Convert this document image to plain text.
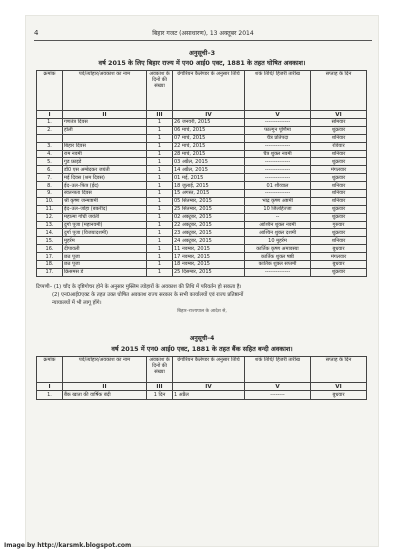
4	बिहार गजट (असाधारण), 13 अक्तूबर 2014
अनुसूची–3
वर्ष 2015 के लिए बिहार राज्य में एन0 आई0 एक्ट, 1881 के तहत घोषित अवकाश।
क्रमांक	पर्व/त्योहार/अवकाश का नाम	अवकाश के दिनों की संख्या	ग्रेगोरियन कैलेण्डर के अनुसार तिथि	शकं तिथि/ हिजरी तारीख	सप्ताह के दिन
I	II	III	IV	V	VI
1.	गणतंत्र दिवस	1	26 जनवरी, 2015	--------------	सोमवार
2.	होली	1	06 मार्च, 2015	फाल्गुन पूर्णिमा	शुक्रवार
		1	07 मार्च, 2015	चैत्र प्रतिपदा	शनिवार
3.	बिहार दिवस	1	22 मार्च, 2015	--------------	रविवार
4.	राम नवमी	1	28 मार्च, 2015	चैत्र शुक्ल नवमी	शनिवार
5.	गुड फ्राइडे	1	03 अप्रैल, 2015	--------------	शुक्रवार
6.	डॉ0 एस अम्बेदकर जयंती	1	14 अप्रैल, 2015	--------------	मंगलवार
7.	मई दिवस (श्रम दिवस)	1	01 मई, 2015	--------------	शुक्रवार
8.	ईद–उल–फित्र (ईद)	1	18 जुलाई, 2015	01 शौव्वाल	शनिवार
9.	स्वतन्त्रता दिवस	1	15 अगस्त, 2015	--------------	शनिवार
10.	श्री कृष्ण जन्माष्टमी	1	05 सितम्बर, 2015	भाद्र कृष्ण अष्टमी	शनिवार
11.	ईद–उल–जोहा (बकरीद)	1	25 सितम्बर, 2015	10 जिलहिज्जा	शुक्रवार
12.	महात्मा गाँधी जयंती	1	02 अक्टूबर, 2015	--	शुक्रवार
13.	दुर्गा पूजा (महानवमी)	1	22 अक्टूबर, 2015	आश्विन शुक्ल नवमी	गुरुवार
14.	दुर्गा पूजा (विजयादशमी)	1	23 अक्टूबर, 2015	आश्विन शुक्ल दशमी	शुक्रवार
15.	मुहर्रम	1	24 अक्टूबर, 2015	10 मुहर्रम	शनिवार
16.	दीपावली	1	11 नवम्बर, 2015	कार्तिक कृष्ण अमावस्या	बुधवार
17.	छठ पूजा	1	17 नवम्बर, 2015	कार्तिक शुक्ल षष्ठी	मंगलवार
18.	छठ पूजा	1	18 नवम्बर, 2015	कार्तिक शुक्ल सप्तमी	बुधवार
17.	क्रिसमस डे	1	25 दिसम्बर, 2015	--------------	शुक्रवार
टिप्पणी– (1) चाँद के दृष्टिगोचर होने के अनुसार मुस्लिम त्योहारों के अवकाश की तिथि में परिवर्तन हो सकता है।
(2) एन0आई0एक्ट के तहत उक्त घोषित अवकाश राज्य सरकार के सभी कार्यालयों एवं राज्य प्रतिष्ठानों
न्यायालयों में भी लागू होंगे।
बिहार–राज्यपाल के आदेश से,
अनुसूची–4
वर्ष 2015 में एन0 आई0 एक्ट, 1881 के तहत बैंक सहित बन्दी अवकाश।
क्रमांक	पर्व/त्योहार/अवकाश का नाम	अवकाश के दिनों की संख्या	ग्रेगोरियन कैलेण्डर के अनुसार तिथि	शकं तिथि/ हिजरी तारीख	सप्ताह के दिन
I	II	III	IV	V	VI
1.	बैंक खाता की वार्षिक बंदी	1 दिन	1 अप्रैल	--------	बुधवार
Image by http://karsmk.blogspot.com
